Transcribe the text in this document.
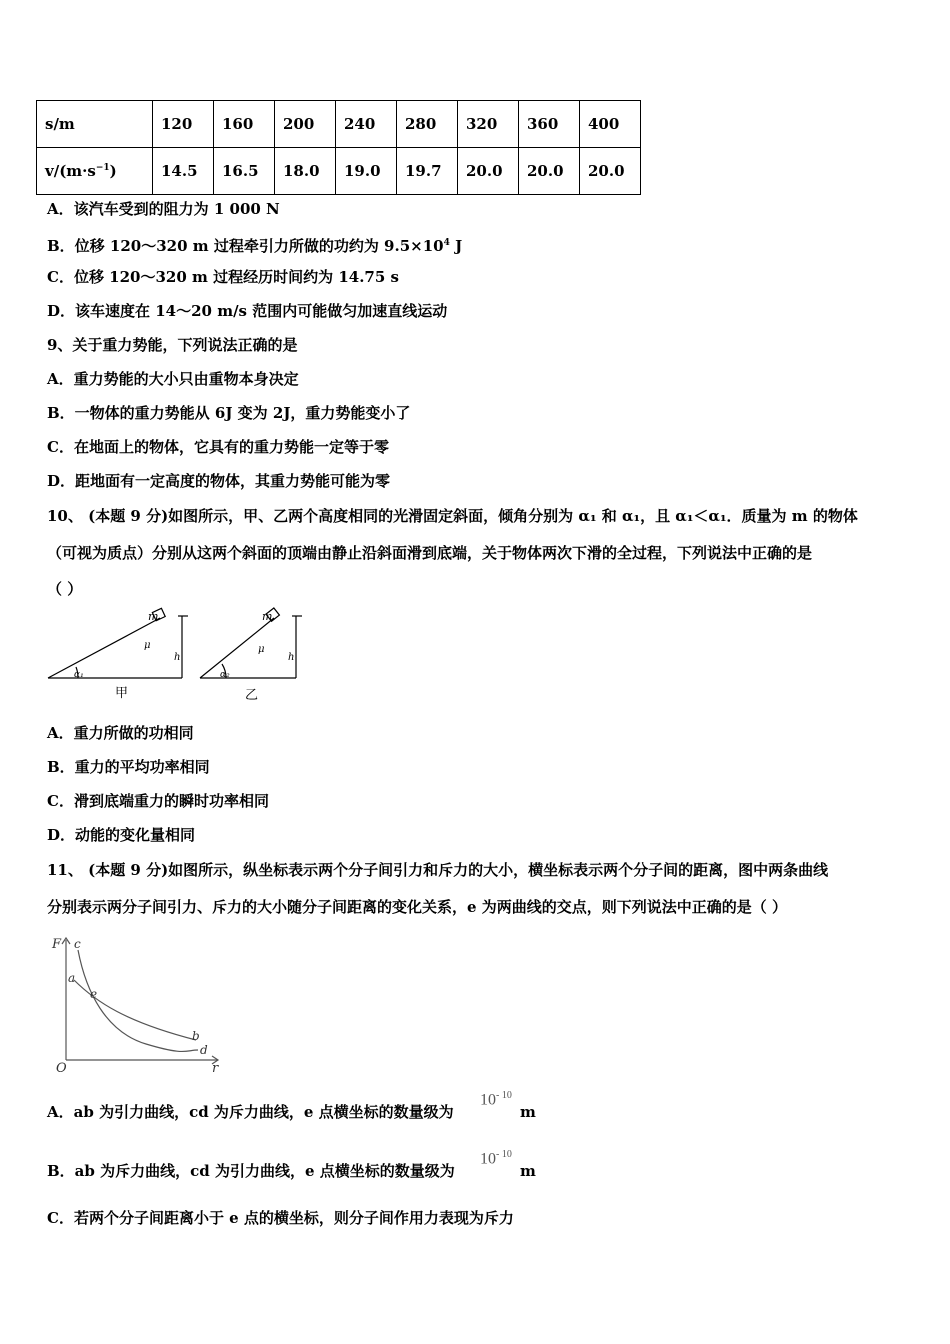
s/m	120	160	200	240	280	320	360	400
$v/(m\cdot s^{-1})$	14.5	16.5	18.0	19.0	19.7	20.0	20.0	20.0
A．该汽车受到的阻力为 1 000 N
B．位移 120～320 m 过程牵引力所做的功约为 $9.5\times 10^4$ J
C．位移 120～320 m 过程经历时间约为 14.75 s
D．该车速度在 14～20 m/s 范围内可能做匀加速直线运动
9、关于重力势能，下列说法正确的是
A．重力势能的大小只由重物本身决定
B．一物体的重力势能从 6J 变为 2J，重力势能变小了
C．在地面上的物体，它具有的重力势能一定等于零
D．距地面有一定高度的物体，其重力势能可能为零
10、 (本题 9 分)如图所示，甲、乙两个高度相同的光滑固定斜面，倾角分别为 α₁ 和 α₁，且 α₁＜α₁．质量为 m 的物体
（可视为质点）分别从这两个斜面的顶端由静止沿斜面滑到底端，关于物体两次下滑的全过程，下列说法中正确的是
（ ）
m
μ
h
α₁
甲
m
μ
h
α₂
乙
A．重力所做的功相同
B．重力的平均功率相同
C．滑到底端重力的瞬时功率相同
D．动能的变化量相同
11、 (本题 9 分)如图所示，纵坐标表示两个分子间引力和斥力的大小，横坐标表示两个分子间的距离，图中两条曲线
分别表示两分子间引力、斥力的大小随分子间距离的变化关系，e 为两曲线的交点，则下列说法中正确的是（ ）
F
O	r
a
b
c
d
e
A．ab 为引力曲线，cd 为斥力曲线，e 点横坐标的数量级为
$10^{- 10}$
m
B．ab 为斥力曲线，cd 为引力曲线，e 点横坐标的数量级为
$10^{- 10}$
m
C．若两个分子间距离小于 e 点的横坐标，则分子间作用力表现为斥力
